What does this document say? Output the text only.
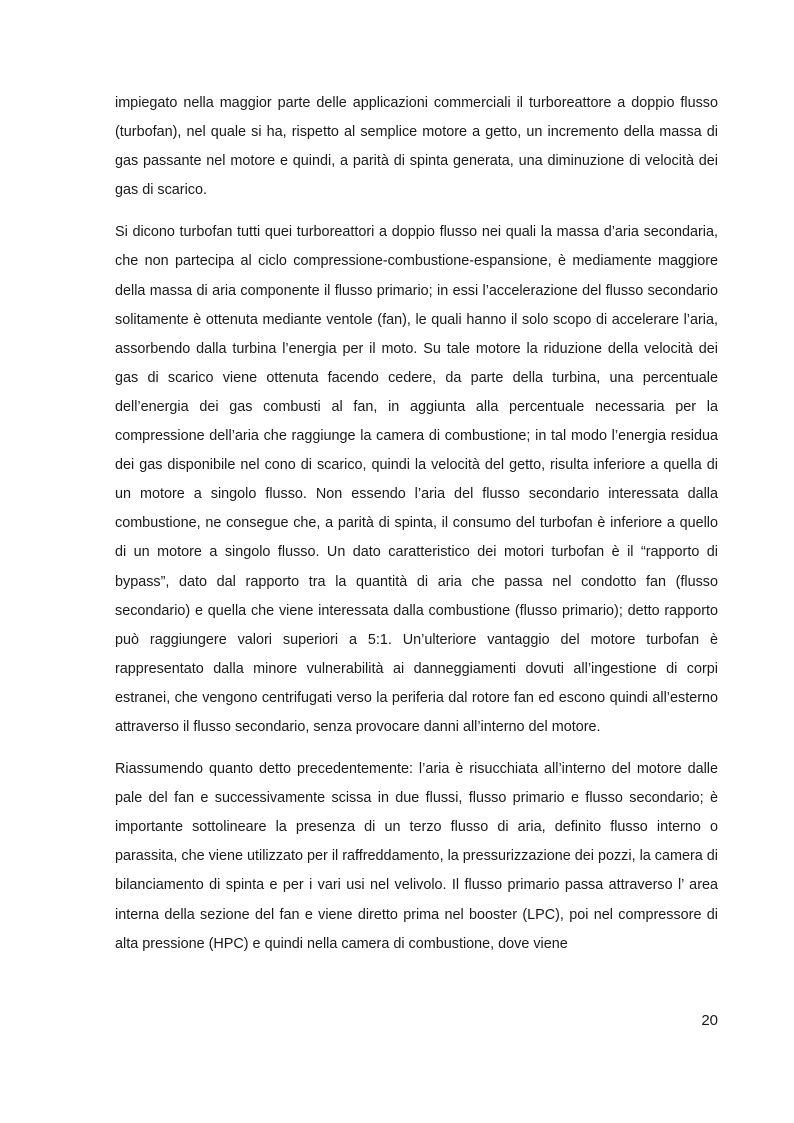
impiegato nella maggior parte delle applicazioni commerciali il turboreattore a doppio flusso (turbofan), nel quale si ha, rispetto al semplice motore a getto, un incremento della massa di gas passante nel motore e quindi, a parità di spinta generata, una diminuzione di velocità dei gas di scarico.

Si dicono turbofan tutti quei turboreattori a doppio flusso nei quali la massa d’aria secondaria, che non partecipa al ciclo compressione-combustione-espansione, è mediamente maggiore della massa di aria componente il flusso primario; in essi l’accelerazione del flusso secondario solitamente è ottenuta mediante ventole (fan), le quali hanno il solo scopo di accelerare l’aria, assorbendo dalla turbina l’energia per il moto. Su tale motore la riduzione della velocità dei gas di scarico viene ottenuta facendo cedere, da parte della turbina, una percentuale dell’energia dei gas combusti al fan, in aggiunta alla percentuale necessaria per la compressione dell’aria che raggiunge la camera di combustione; in tal modo l’energia residua dei gas disponibile nel cono di scarico, quindi la velocità del getto, risulta inferiore a quella di un motore a singolo flusso. Non essendo l’aria del flusso secondario interessata dalla combustione, ne consegue che, a parità di spinta, il consumo del turbofan è inferiore a quello di un motore a singolo flusso. Un dato caratteristico dei motori turbofan è il “rapporto di bypass”, dato dal rapporto tra la quantità di aria che passa nel condotto fan (flusso secondario) e quella che viene interessata dalla combustione (flusso primario); detto rapporto può raggiungere valori superiori a 5:1. Un’ulteriore vantaggio del motore turbofan è rappresentato dalla minore vulnerabilità ai danneggiamenti dovuti all’ingestione di corpi estranei, che vengono centrifugati verso la periferia dal rotore fan ed escono quindi all’esterno attraverso il flusso secondario, senza provocare danni all’interno del motore.

Riassumendo quanto detto precedentemente: l’aria è risucchiata all’interno del motore dalle pale del fan e successivamente scissa in due flussi, flusso primario e flusso secondario; è importante sottolineare la presenza di un terzo flusso di aria, definito flusso interno o parassita, che viene utilizzato per il raffreddamento, la pressurizzazione dei pozzi, la camera di bilanciamento di spinta e per i vari usi nel velivolo. Il flusso primario passa attraverso l’ area interna della sezione del fan e viene diretto prima nel booster (LPC), poi nel compressore di alta pressione (HPC) e quindi nella camera di combustione, dove viene

20
